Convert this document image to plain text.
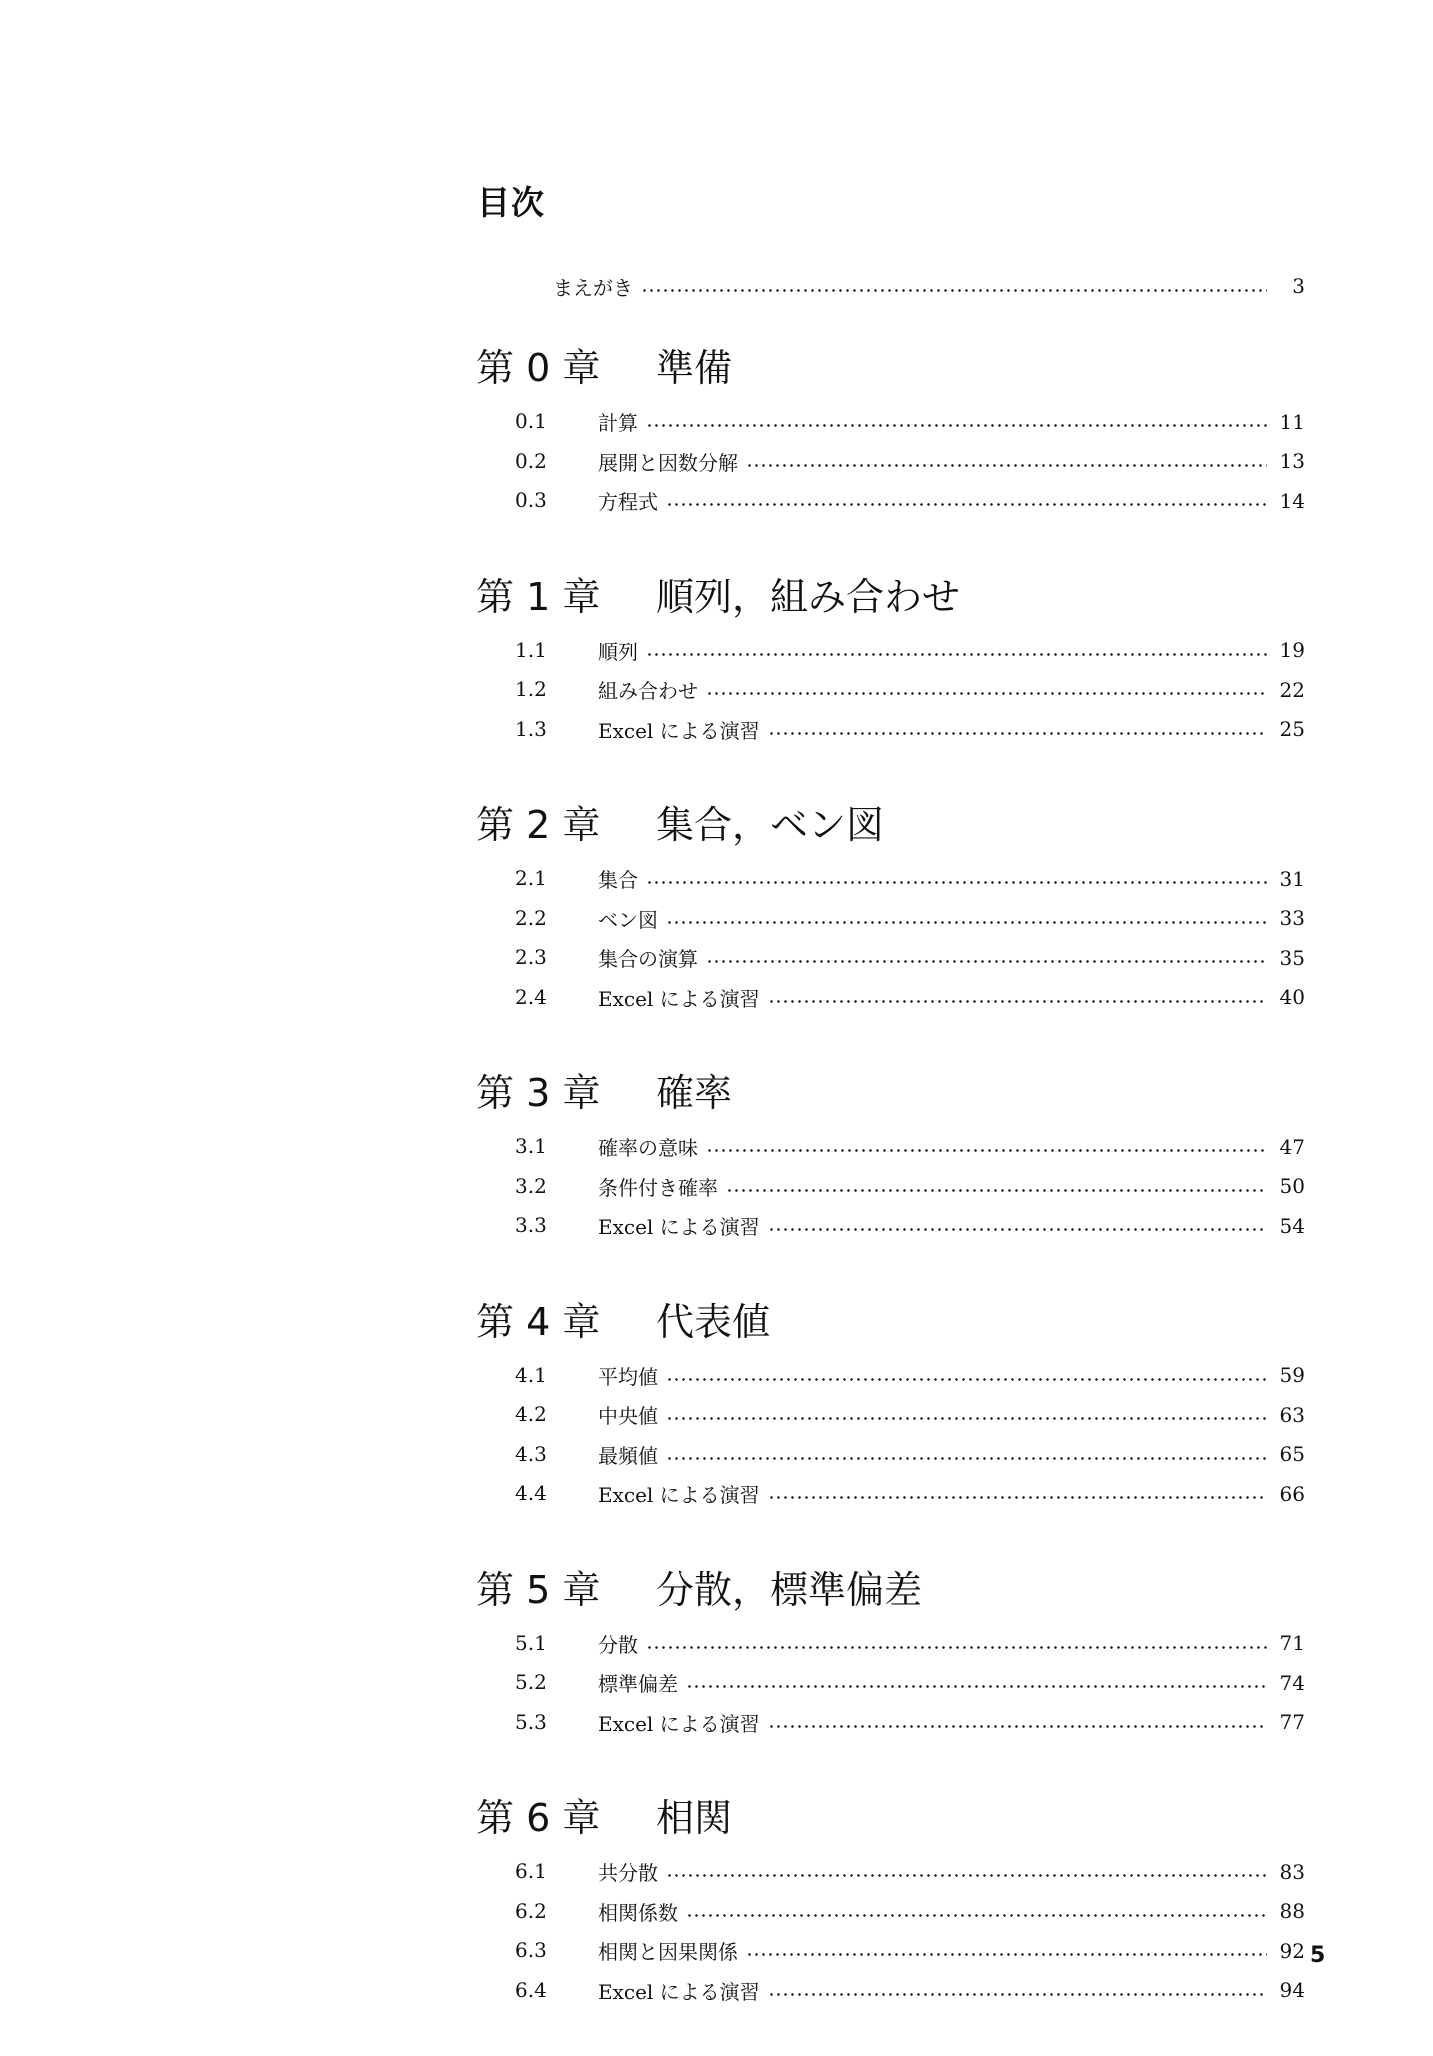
目次
まえがき	3
第 0 章 準備
0.1	計算	11
0.2	展開と因数分解	13
0.3	方程式	14
第 1 章 順列，組み合わせ
1.1	順列	19
1.2	組み合わせ	22
1.3	Excel による演習	25
第 2 章 集合，ベン図
2.1	集合	31
2.2	ベン図	33
2.3	集合の演算	35
2.4	Excel による演習	40
第 3 章 確率
3.1	確率の意味	47
3.2	条件付き確率	50
3.3	Excel による演習	54
第 4 章 代表値
4.1	平均値	59
4.2	中央値	63
4.3	最頻値	65
4.4	Excel による演習	66
第 5 章 分散，標準偏差
5.1	分散	71
5.2	標準偏差	74
5.3	Excel による演習	77
第 6 章 相関
6.1	共分散	83
6.2	相関係数	88
6.3	相関と因果関係	92
6.4	Excel による演習	94
5
